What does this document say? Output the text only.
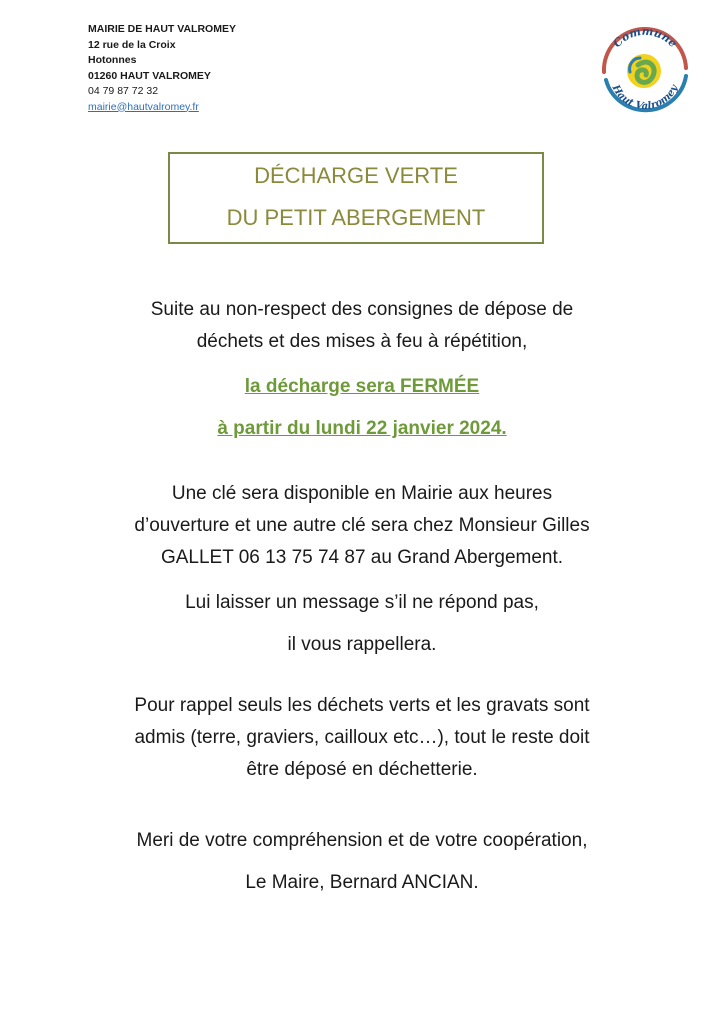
MAIRIE DE HAUT VALROMEY
12 rue de la Croix
Hotonnes
01260 HAUT VALROMEY
04 79 87 72 32
mairie@hautvalromey.fr
Commune
Haut Valromey
DÉCHARGE VERTE
DU PETIT ABERGEMENT
Suite au non-respect des consignes de dépose de
déchets et des mises à feu à répétition,
la décharge sera FERMÉE
à partir du lundi 22 janvier 2024.
Une clé sera disponible en Mairie aux heures
d’ouverture et une autre clé sera chez Monsieur Gilles
GALLET 06 13 75 74 87 au Grand Abergement.
Lui laisser un message s’il ne répond pas,
il vous rappellera.
Pour rappel seuls les déchets verts et les gravats sont
admis (terre, graviers, cailloux etc…), tout le reste doit
être déposé en déchetterie.
Meri de votre compréhension et de votre coopération,
Le Maire, Bernard ANCIAN.
